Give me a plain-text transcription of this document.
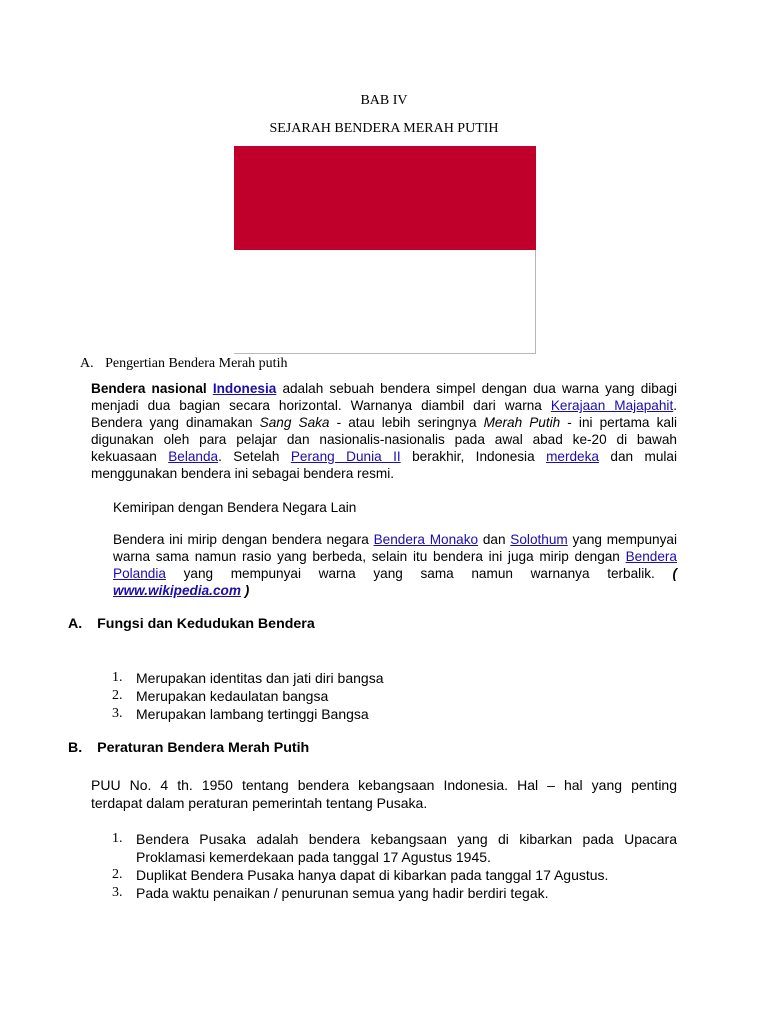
BAB IV
SEJARAH BENDERA MERAH PUTIH
A. Pengertian Bendera Merah putih
Bendera nasional Indonesia adalah sebuah bendera simpel dengan dua warna yang dibagi
menjadi dua bagian secara horizontal. Warnanya diambil dari warna Kerajaan Majapahit.
Bendera yang dinamakan Sang Saka - atau lebih seringnya Merah Putih - ini pertama kali
digunakan oleh para pelajar dan nasionalis-nasionalis pada awal abad ke-20 di bawah
kekuasaan Belanda. Setelah Perang Dunia II berakhir, Indonesia merdeka dan mulai
menggunakan bendera ini sebagai bendera resmi.
Kemiripan dengan Bendera Negara Lain
Bendera ini mirip dengan bendera negara Bendera Monako dan Solothum yang mempunyai
warna sama namun rasio yang berbeda, selain itu bendera ini juga mirip dengan Bendera
Polandia yang mempunyai warna yang sama namun warnanya terbalik. (
www.wikipedia.com )
A. Fungsi dan Kedudukan Bendera
1. Merupakan identitas dan jati diri bangsa
2. Merupakan kedaulatan bangsa
3. Merupakan lambang tertinggi Bangsa
B. Peraturan Bendera Merah Putih
PUU No. 4 th. 1950 tentang bendera kebangsaan Indonesia. Hal – hal yang penting
terdapat dalam peraturan pemerintah tentang Pusaka.
1. Bendera Pusaka adalah bendera kebangsaan yang di kibarkan pada Upacara
Proklamasi kemerdekaan pada tanggal 17 Agustus 1945.
2. Duplikat Bendera Pusaka hanya dapat di kibarkan pada tanggal 17 Agustus.
3. Pada waktu penaikan / penurunan semua yang hadir berdiri tegak.
